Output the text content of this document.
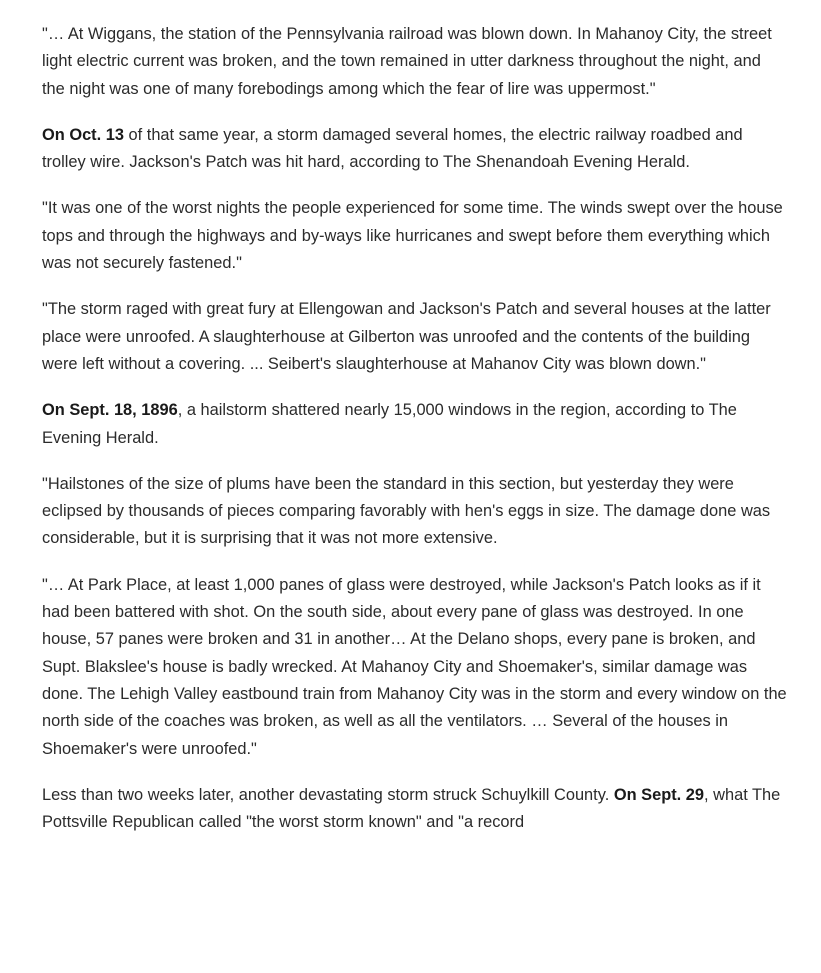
"… At Wiggans, the station of the Pennsylvania railroad was blown down. In Mahanoy City, the street light electric current was broken, and the town remained in utter darkness throughout the night, and the night was one of many forebodings among which the fear of lire was uppermost."

On Oct. 13 of that same year, a storm damaged several homes, the electric railway roadbed and trolley wire. Jackson's Patch was hit hard, according to The Shenandoah Evening Herald.

"It was one of the worst nights the people experienced for some time. The winds swept over the house tops and through the highways and by-ways like hurricanes and swept before them everything which was not securely fastened."

"The storm raged with great fury at Ellengowan and Jackson's Patch and several houses at the latter place were unroofed. A slaughterhouse at Gilberton was unroofed and the contents of the building were left without a covering. ... Seibert's slaughterhouse at Mahanov City was blown down."

On Sept. 18, 1896, a hailstorm shattered nearly 15,000 windows in the region, according to The Evening Herald.

"Hailstones of the size of plums have been the standard in this section, but yesterday they were eclipsed by thousands of pieces comparing favorably with hen's eggs in size. The damage done was considerable, but it is surprising that it was not more extensive.

"… At Park Place, at least 1,000 panes of glass were destroyed, while Jackson's Patch looks as if it had been battered with shot. On the south side, about every pane of glass was destroyed. In one house, 57 panes were broken and 31 in another… At the Delano shops, every pane is broken, and Supt. Blakslee's house is badly wrecked. At Mahanoy City and Shoemaker's, similar damage was done. The Lehigh Valley eastbound train from Mahanoy City was in the storm and every window on the north side of the coaches was broken, as well as all the ventilators. … Several of the houses in Shoemaker's were unroofed."

Less than two weeks later, another devastating storm struck Schuylkill County. On Sept. 29, what The Pottsville Republican called "the worst storm known" and "a record
